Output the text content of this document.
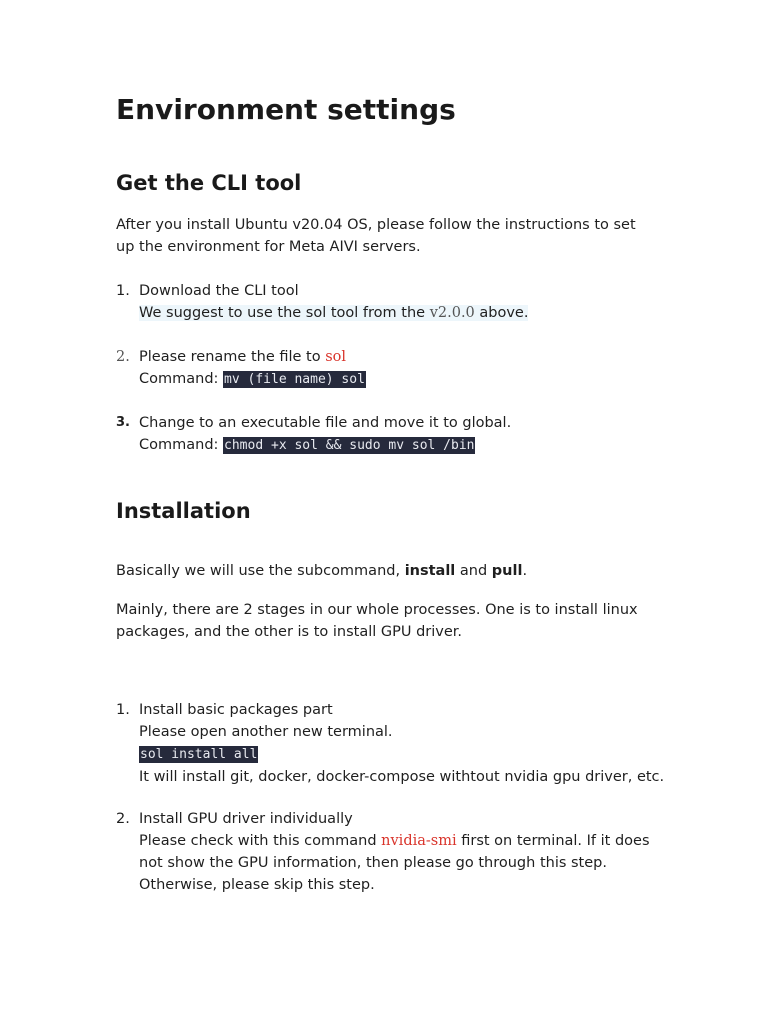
Environment settings
Get the CLI tool

After you install Ubuntu v20.04 OS, please follow the instructions to set up the environment for Meta AIVI servers.

1. Download the CLI tool
We suggest to use the sol tool from the v2.0.0 above.
2. Please rename the file to sol
Command: mv (file name) sol
3. Change to an executable file and move it to global.
Command: chmod +x sol && sudo mv sol /bin
Installation

Basically we will use the subcommand, install and pull.

Mainly, there are 2 stages in our whole processes. One is to install linux packages, and the other is to install GPU driver.

1. Install basic packages part
Please open another new terminal.
sol install all
It will install git, docker, docker-compose withtout nvidia gpu driver, etc.
2. Install GPU driver individually
Please check with this command nvidia-smi first on terminal. If it does not show the GPU information, then please go through this step. Otherwise, please skip this step.
